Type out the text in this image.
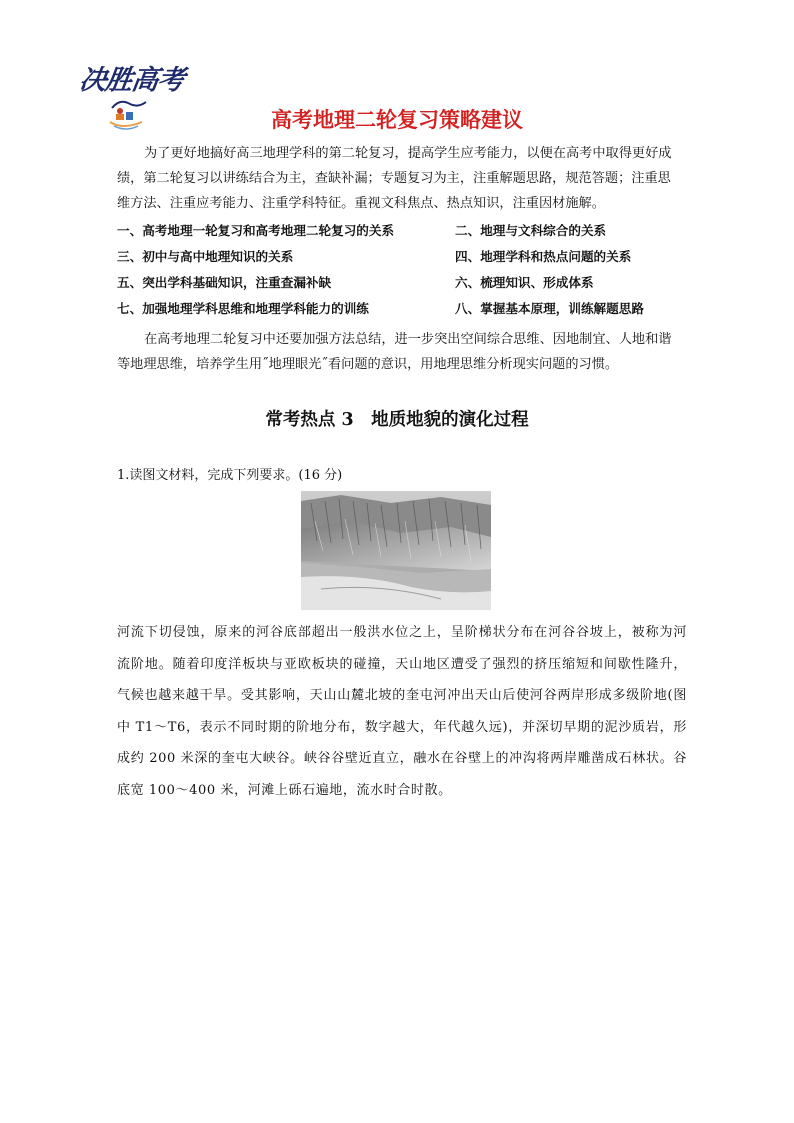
决胜高考
高考地理二轮复习策略建议

为了更好地搞好高三地理学科的第二轮复习，提高学生应考能力，以便在高考中取得更好成绩，第二轮复习以讲练结合为主，查缺补漏；专题复习为主，注重解题思路，规范答题；注重思维方法、注重应考能力、注重学科特征。重视文科焦点、热点知识，注重因材施解。

一、高考地理一轮复习和高考地理二轮复习的关系	二、地理与文科综合的关系
三、初中与高中地理知识的关系	四、地理学科和热点问题的关系
五、突出学科基础知识，注重查漏补缺	六、梳理知识、形成体系
七、加强地理学科思维和地理学科能力的训练	八、掌握基本原理，训练解题思路

在高考地理二轮复习中还要加强方法总结，进一步突出空间综合思维、因地制宜、人地和谐等地理思维，培养学生用˝地理眼光˝看问题的意识，用地理思维分析现实问题的习惯。

常考热点 3　地质地貌的演化过程
1.读图文材料，完成下列要求。(16 分)
河流下切侵蚀，原来的河谷底部超出一般洪水位之上，呈阶梯状分布在河谷谷坡上，被称为河流阶地。随着印度洋板块与亚欧板块的碰撞，天山地区遭受了强烈的挤压缩短和间歇性隆升，气候也越来越干旱。受其影响，天山山麓北坡的奎屯河冲出天山后使河谷两岸形成多级阶地(图中 T1～T6，表示不同时期的阶地分布，数字越大，年代越久远)，并深切早期的泥沙质岩，形成约 200 米深的奎屯大峡谷。峡谷谷壁近直立，融水在谷壁上的冲沟将两岸雕凿成石林状。谷底宽 100～400 米，河滩上砾石遍地，流水时合时散。
